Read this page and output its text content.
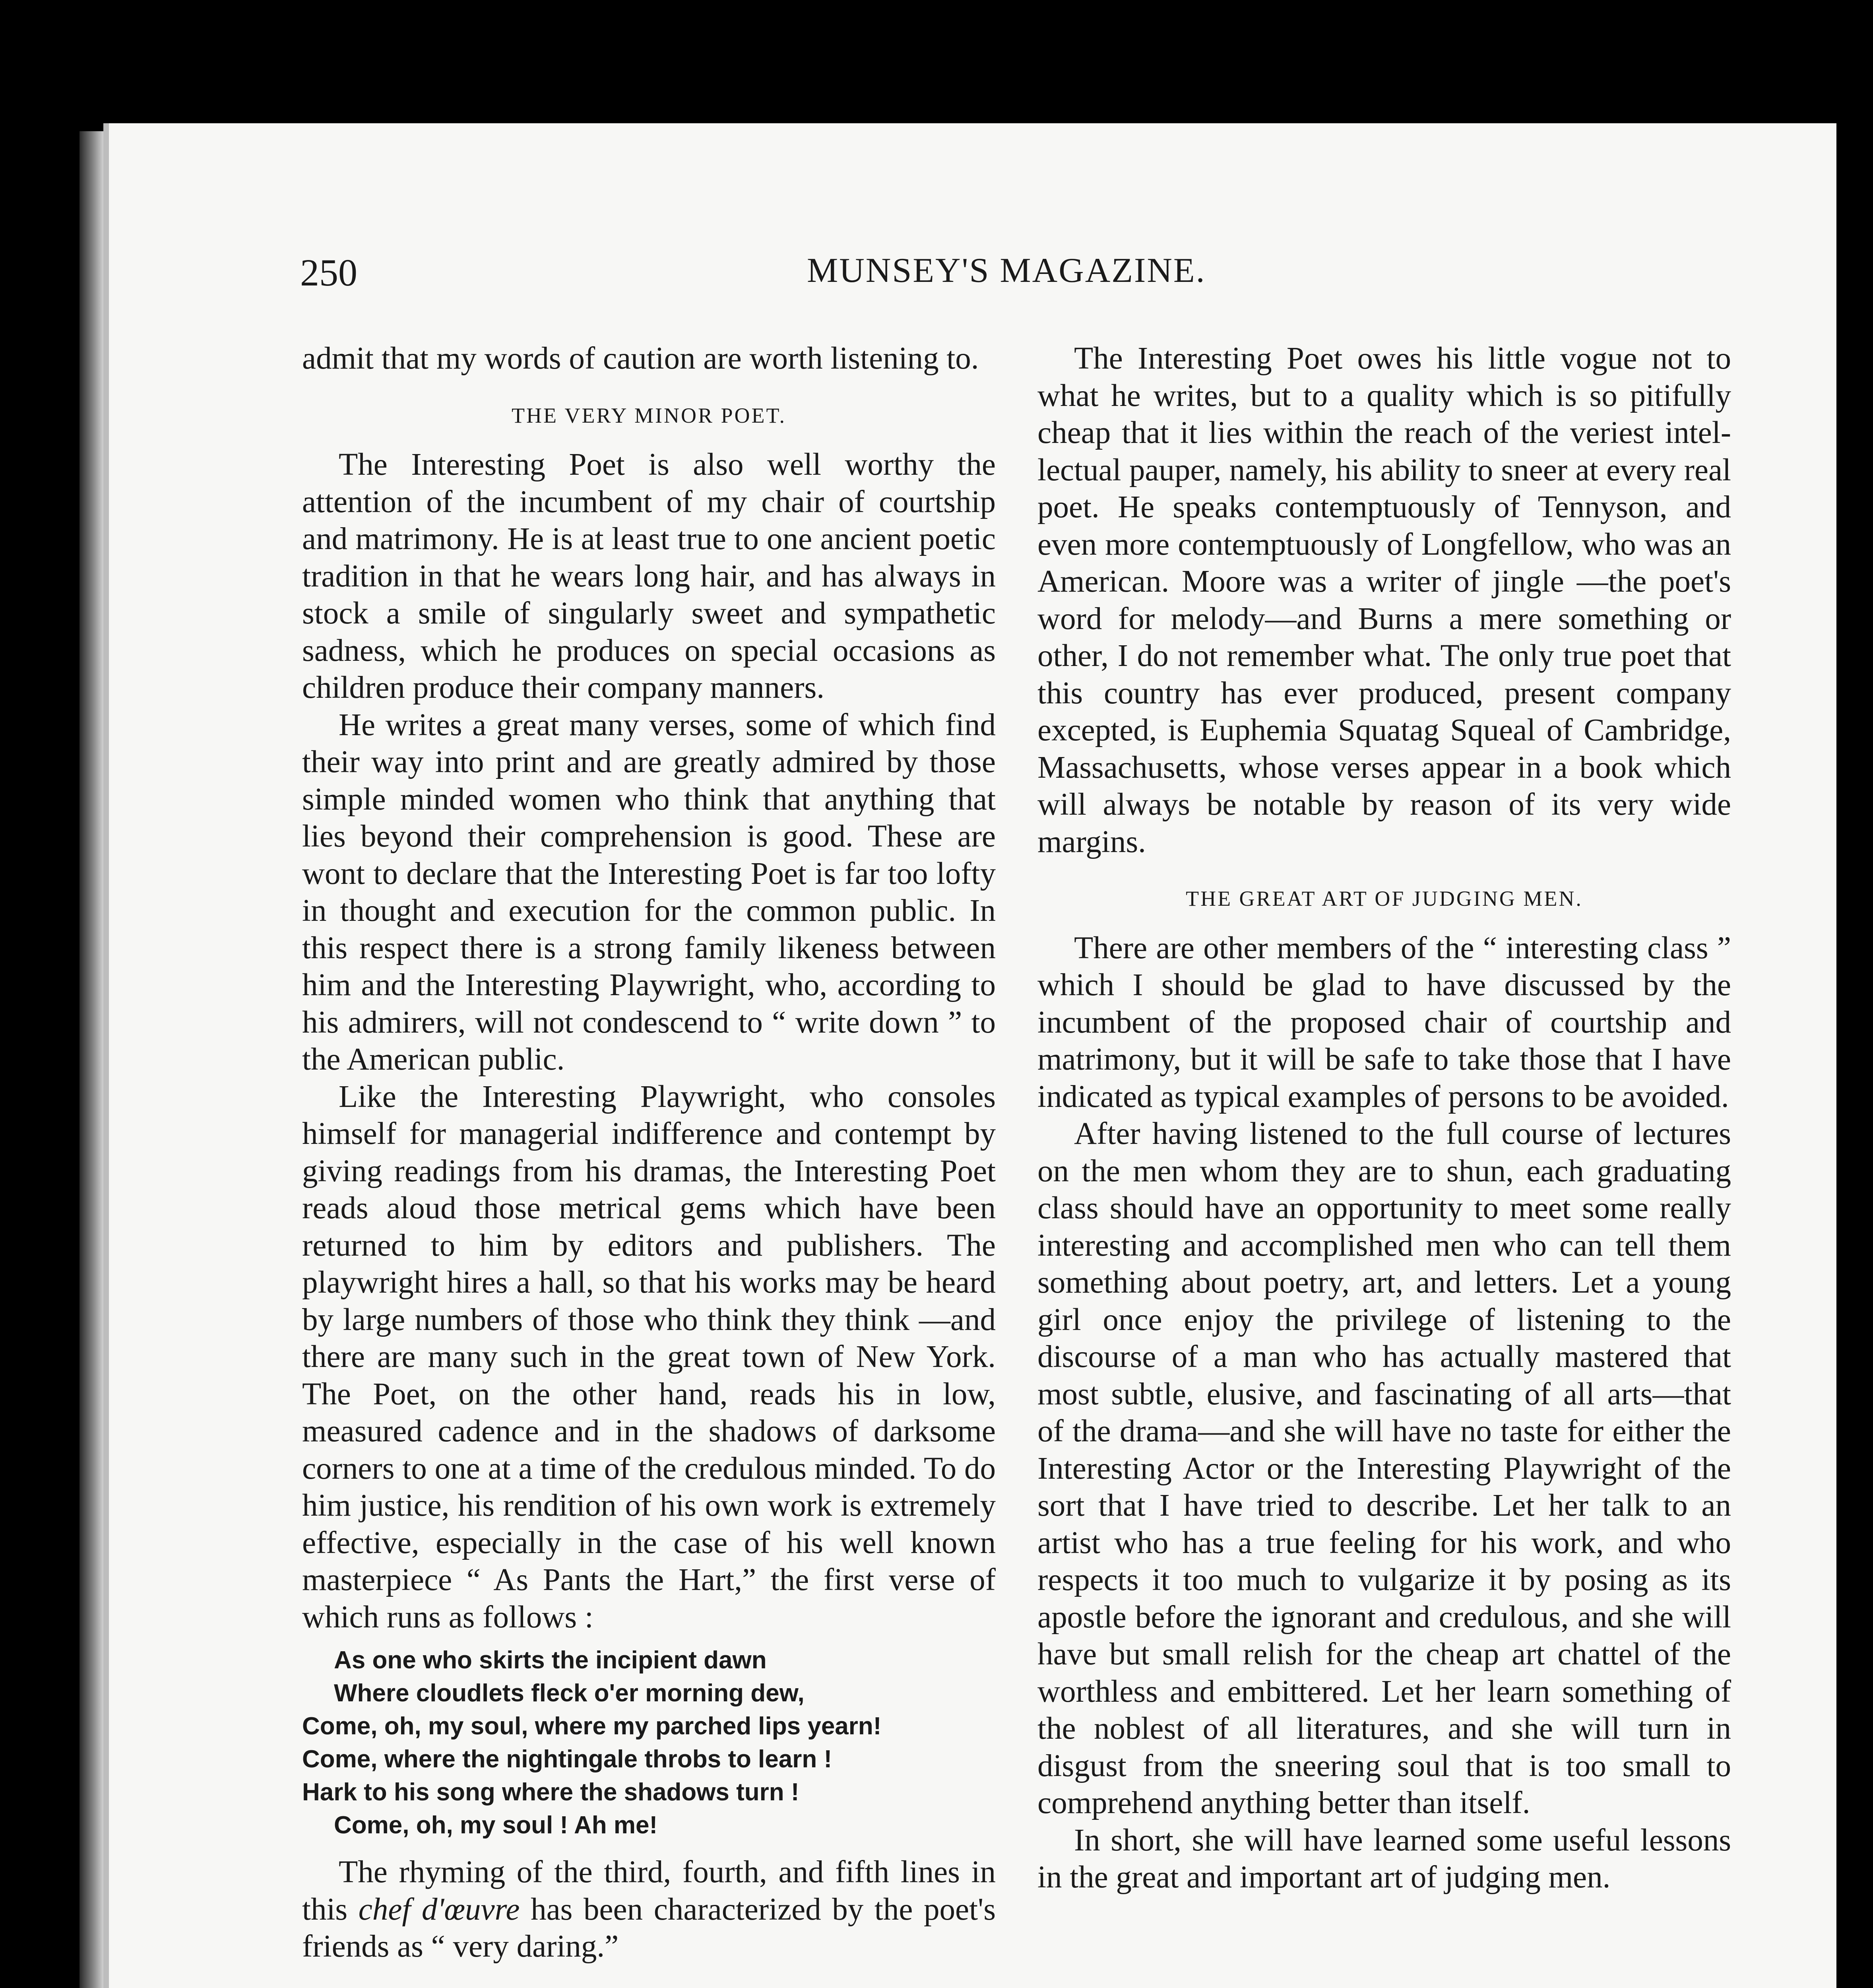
250	MUNSEY'S MAGAZINE.

admit that my words of caution are worth listening to.

THE VERY MINOR POET.

The Interesting Poet is also well worthy the attention of the incumbent of my chair of courtship and matrimony. He is at least true to one ancient poetic tradition in that he wears long hair, and has always in stock a smile of singularly sweet and sympathetic sadness, which he produces on special occasions as children produce their company manners.

He writes a great many verses, some of which find their way into print and are greatly admired by those simple minded women who think that anything that lies beyond their comprehension is good. These are wont to declare that the Interesting Poet is far too lofty in thought and execution for the common public. In this respect there is a strong family likeness between him and the Interesting Playwright, who, according to his admirers, will not condescend to “ write down ” to the American public.

Like the Interesting Playwright, who consoles himself for managerial indifference and contempt by giving readings from his dramas, the Interesting Poet reads aloud those metrical gems which have been returned to him by editors and publishers. The playwright hires a hall, so that his works may be heard by large numbers of those who think they think —and there are many such in the great town of New York. The Poet, on the other hand, reads his in low, measured cadence and in the shadows of darksome corners to one at a time of the credulous minded. To do him justice, his rendition of his own work is extremely effective, especially in the case of his well known masterpiece “ As Pants the Hart,” the first verse of which runs as follows :

As one who skirts the incipient dawn
Where cloudlets fleck o'er morning dew,
Come, oh, my soul, where my parched lips yearn!
Come, where the nightingale throbs to learn !
Hark to his song where the shadows turn !
Come, oh, my soul ! Ah me!

The rhyming of the third, fourth, and fifth lines in this chef d'œuvre has been characterized by the poet's friends as “ very daring.”

The Interesting Poet owes his little vogue not to what he writes, but to a quality which is so pitifully cheap that it lies within the reach of the veriest intellectual pauper, namely, his ability to sneer at every real poet. He speaks contemptuously of Tennyson, and even more contemptuously of Longfellow, who was an American. Moore was a writer of jingle —the poet's word for melody—and Burns a mere something or other, I do not remember what. The only true poet that this country has ever produced, present company excepted, is Euphemia Squatag Squeal of Cambridge, Massachusetts, whose verses appear in a book which will always be notable by reason of its very wide margins.

THE GREAT ART OF JUDGING MEN.

There are other members of the “ interesting class ” which I should be glad to have discussed by the incumbent of the proposed chair of courtship and matrimony, but it will be safe to take those that I have indicated as typical examples of persons to be avoided.

After having listened to the full course of lectures on the men whom they are to shun, each graduating class should have an opportunity to meet some really interesting and accomplished men who can tell them something about poetry, art, and letters. Let a young girl once enjoy the privilege of listening to the discourse of a man who has actually mastered that most subtle, elusive, and fascinating of all arts—that of the drama—and she will have no taste for either the Interesting Actor or the Interesting Playwright of the sort that I have tried to describe. Let her talk to an artist who has a true feeling for his work, and who respects it too much to vulgarize it by posing as its apostle before the ignorant and credulous, and she will have but small relish for the cheap art chattel of the worthless and embittered. Let her learn something of the noblest of all literatures, and she will turn in disgust from the sneering soul that is too small to comprehend anything better than itself.

In short, she will have learned some useful lessons in the great and important art of judging men.
